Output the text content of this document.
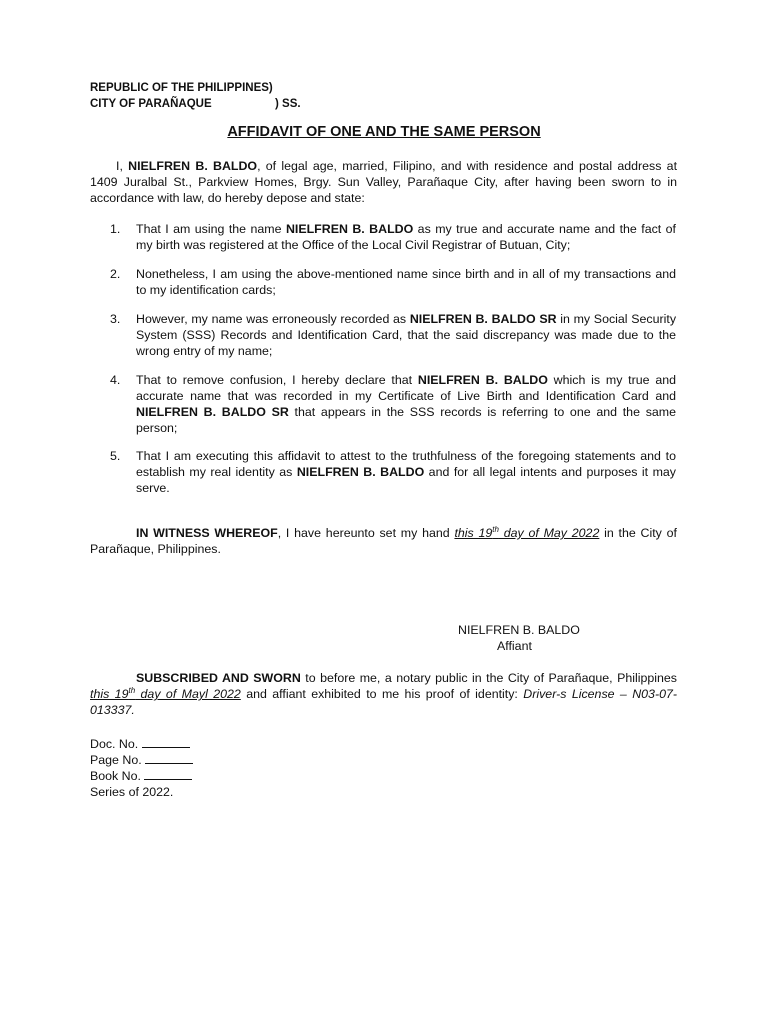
REPUBLIC OF THE PHILIPPINES)
CITY OF PARAÑAQUE	) SS.
AFFIDAVIT OF ONE AND THE SAME PERSON
I, NIELFREN B. BALDO, of legal age, married, Filipino, and with residence and postal address at 1409 Juralbal St., Parkview Homes, Brgy. Sun Valley, Parañaque City, after having been sworn to in accordance with law, do hereby depose and state:
1.	That I am using the name NIELFREN B. BALDO as my true and accurate name and the fact of my birth was registered at the Office of the Local Civil Registrar of Butuan, City;
2.	Nonetheless, I am using the above-mentioned name since birth and in all of my transactions and to my identification cards;
3.	However, my name was erroneously recorded as NIELFREN B. BALDO SR in my Social Security System (SSS) Records and Identification Card, that the said discrepancy was made due to the wrong entry of my name;
4.	That to remove confusion, I hereby declare that NIELFREN B. BALDO which is my true and accurate name that was recorded in my Certificate of Live Birth and Identification Card and NIELFREN B. BALDO SR that appears in the SSS records is referring to one and the same person;
5.	That I am executing this affidavit to attest to the truthfulness of the foregoing statements and to establish my real identity as NIELFREN B. BALDO and for all legal intents and purposes it may serve.
IN WITNESS WHEREOF, I have hereunto set my hand this 19th day of May 2022 in the City of Parañaque, Philippines.
NIELFREN B. BALDO
Affiant
SUBSCRIBED AND SWORN to before me, a notary public in the City of Parañaque, Philippines this 19th day of Mayl 2022 and affiant exhibited to me his proof of identity: Driver-s License – N03-07-013337.
Doc. No.
Page No.
Book No.
Series of 2022.
